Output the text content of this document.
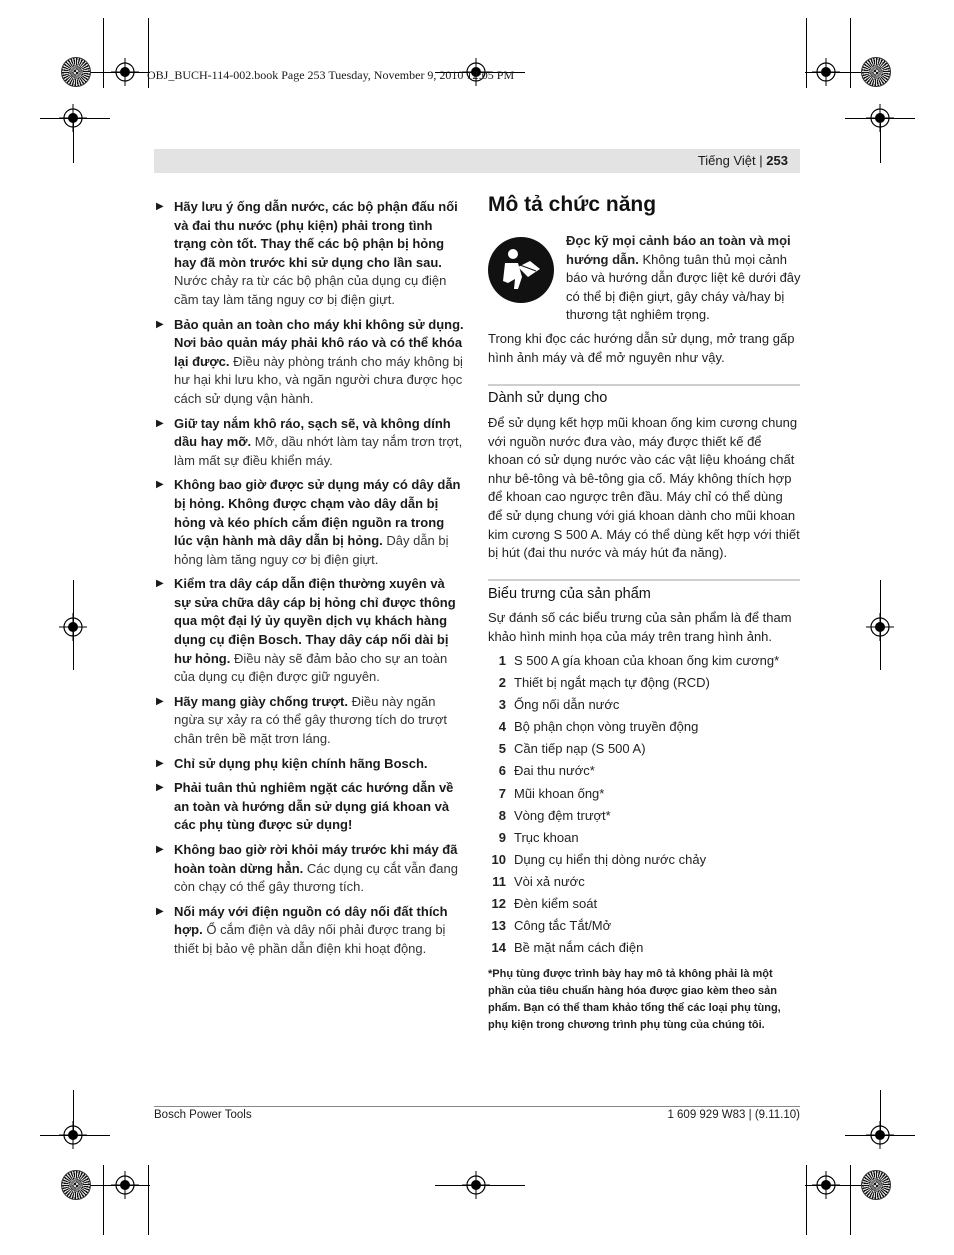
OBJ_BUCH-114-002.book Page 253 Tuesday, November 9, 2010 12:05 PM
Tiếng Việt | 253
▶ Hãy lưu ý ống dẫn nước, các bộ phận đấu nối và đai thu nước (phụ kiện) phải trong tình trạng còn tốt. Thay thế các bộ phận bị hỏng hay đã mòn trước khi sử dụng cho lần sau. Nước chảy ra từ các bộ phận của dụng cụ điện cầm tay làm tăng nguy cơ bị điện giựt.
▶ Bảo quản an toàn cho máy khi không sử dụng. Nơi bảo quản máy phải khô ráo và có thể khóa lại được. Điều này phòng tránh cho máy không bị hư hại khi lưu kho, và ngăn người chưa được học cách sử dụng vận hành.
▶ Giữ tay nắm khô ráo, sạch sẽ, và không dính dầu hay mỡ. Mỡ, dầu nhớt làm tay nắm trơn trợt, làm mất sự điều khiển máy.
▶ Không bao giờ được sử dụng máy có dây dẫn bị hỏng. Không được chạm vào dây dẫn bị hỏng và kéo phích cắm điện nguồn ra trong lúc vận hành mà dây dẫn bị hỏng. Dây dẫn bị hỏng làm tăng nguy cơ bị điện giựt.
▶ Kiểm tra dây cáp dẫn điện thường xuyên và sự sửa chữa dây cáp bị hỏng chỉ được thông qua một đại lý ủy quyền dịch vụ khách hàng dụng cụ điện Bosch. Thay dây cáp nối dài bị hư hỏng. Điều này sẽ đảm bảo cho sự an toàn của dụng cụ điện được giữ nguyên.
▶ Hãy mang giày chống trượt. Điều này ngăn ngừa sự xảy ra có thể gây thương tích do trượt chân trên bề mặt trơn láng.
▶ Chỉ sử dụng phụ kiện chính hãng Bosch.
▶ Phải tuân thủ nghiêm ngặt các hướng dẫn về an toàn và hướng dẫn sử dụng giá khoan và các phụ tùng được sử dụng!
▶ Không bao giờ rời khỏi máy trước khi máy đã hoàn toàn dừng hẳn. Các dụng cụ cắt vẫn đang còn chạy có thể gây thương tích.
▶ Nối máy với điện nguồn có dây nối đất thích hợp. Ổ cắm điện và dây nối phải được trang bị thiết bị bảo vệ phần dẫn điện khi hoạt động.
Mô tả chức năng
Đọc kỹ mọi cảnh báo an toàn và mọi hướng dẫn. Không tuân thủ mọi cảnh báo và hướng dẫn được liệt kê dưới đây có thể bị điện giựt, gây cháy và/hay bị thương tật nghiêm trọng.
Trong khi đọc các hướng dẫn sử dụng, mở trang gấp hình ảnh máy và để mở nguyên như vậy.
Dành sử dụng cho
Để sử dụng kết hợp mũi khoan ống kim cương chung với nguồn nước đưa vào, máy được thiết kế để khoan có sử dụng nước vào các vật liệu khoáng chất như bê-tông và bê-tông gia cố. Máy không thích hợp để khoan cao ngược trên đầu. Máy chỉ có thể dùng để sử dụng chung với giá khoan dành cho mũi khoan kim cương S 500 A. Máy có thể dùng kết hợp với thiết bị hút (đai thu nước và máy hút đa năng).
Biểu trưng của sản phẩm
Sự đánh số các biểu trưng của sản phẩm là để tham khảo hình minh họa của máy trên trang hình ảnh.
1 S 500 A gía khoan của khoan ống kim cương*
2 Thiết bị ngắt mạch tự động (RCD)
3 Ống nối dẫn nước
4 Bộ phận chọn vòng truyền động
5 Cần tiếp nạp (S 500 A)
6 Đai thu nước*
7 Mũi khoan ống*
8 Vòng đệm trượt*
9 Trục khoan
10 Dụng cụ hiển thị dòng nước chảy
11 Vòi xả nước
12 Đèn kiểm soát
13 Công tắc Tắt/Mở
14 Bề mặt nắm cách điện
*Phụ tùng được trình bày hay mô tả không phải là một phần của tiêu chuẩn hàng hóa được giao kèm theo sản phẩm. Bạn có thể tham khảo tổng thể các loại phụ tùng, phụ kiện trong chương trình phụ tùng của chúng tôi.
Bosch Power Tools	1 609 929 W83 | (9.11.10)
